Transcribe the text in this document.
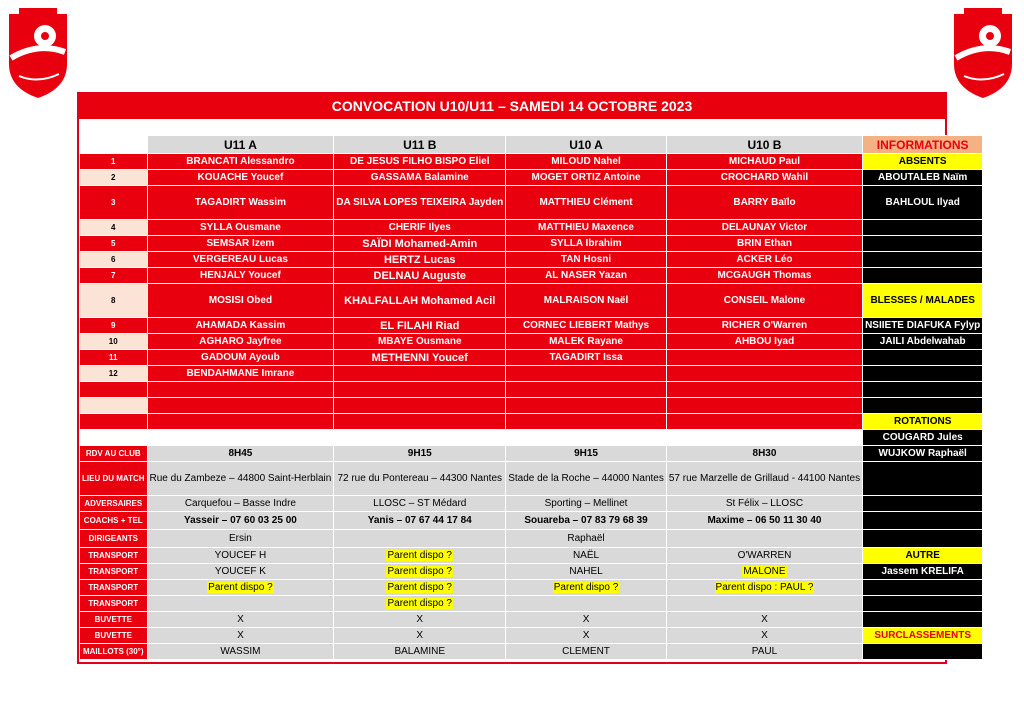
CONVOCATION U10/U11 – SAMEDI 14 OCTOBRE 2023
	U11 A	U11 B	U10 A	U10 B	INFORMATIONS
1	BRANCATI Alessandro	DE JESUS FILHO BISPO Eliel	MILOUD Nahel	MICHAUD Paul	ABSENTS
2	KOUACHE Youcef	GASSAMA Balamine	MOGET ORTIZ Antoine	CROCHARD Wahil	ABOUTALEB Naïm
3	TAGADIRT Wassim	DA SILVA LOPES TEIXEIRA Jayden	MATTHIEU Clément	BARRY Baïlo	BAHLOUL Ilyad
4	SYLLA Ousmane	CHERIF Ilyes	MATTHIEU Maxence	DELAUNAY Victor	
5	SEMSAR Izem	SAÏDI Mohamed-Amin	SYLLA Ibrahim	BRIN Ethan	
6	VERGEREAU Lucas	HERTZ Lucas	TAN Hosni	ACKER Léo	
7	HENJALY Youcef	DELNAU Auguste	AL NASER Yazan	MCGAUGH Thomas	
8	MOSISI Obed	KHALFALLAH Mohamed Acil	MALRAISON Naël	CONSEIL Malone	BLESSES / MALADES
9	AHAMADA Kassim	EL FILAHI Riad	CORNEC LIEBERT Mathys	RICHER O'Warren	NSIIETE DIAFUKA Fylyp
10	AGHARO Jayfree	MBAYE Ousmane	MALEK Rayane	AHBOU Iyad	JAILI Abdelwahab
11	GADOUM Ayoub	METHENNI Youcef	TAGADIRT Issa		
12	BENDAHMANE Imrane				

					ROTATIONS
					COUGARD Jules
RDV AU CLUB	8H45	9H15	9H15	8H30	WUJKOW Raphaël
LIEU DU MATCH	Rue du Zambeze – 44800 Saint-Herblain	72 rue du Pontereau – 44300 Nantes	Stade de la Roche – 44000 Nantes	57 rue Marzelle de Grillaud - 44100 Nantes	
ADVERSAIRES	Carquefou – Basse Indre	LLOSC – ST Médard	Sporting – Mellinet	St Félix – LLOSC	
COACHS + TEL	Yasseir – 07 60 03 25 00	Yanis – 07 67 44 17 84	Souareba – 07 83 79 68 39	Maxime – 06 50 11 30 40	
DIRIGEANTS	Ersin		Raphaël		
TRANSPORT	YOUCEF H	Parent dispo ?	NAËL	O'WARREN	AUTRE
TRANSPORT	YOUCEF K	Parent dispo ?	NAHEL	MALONE	Jassem KRELIFA
TRANSPORT	Parent dispo ?	Parent dispo ?	Parent dispo ?	Parent dispo : PAUL ?	
TRANSPORT		Parent dispo ?			
BUVETTE	X	X	X	X	
BUVETTE	X	X	X	X	SURCLASSEMENTS
MAILLOTS (30°)	WASSIM	BALAMINE	CLEMENT	PAUL	
